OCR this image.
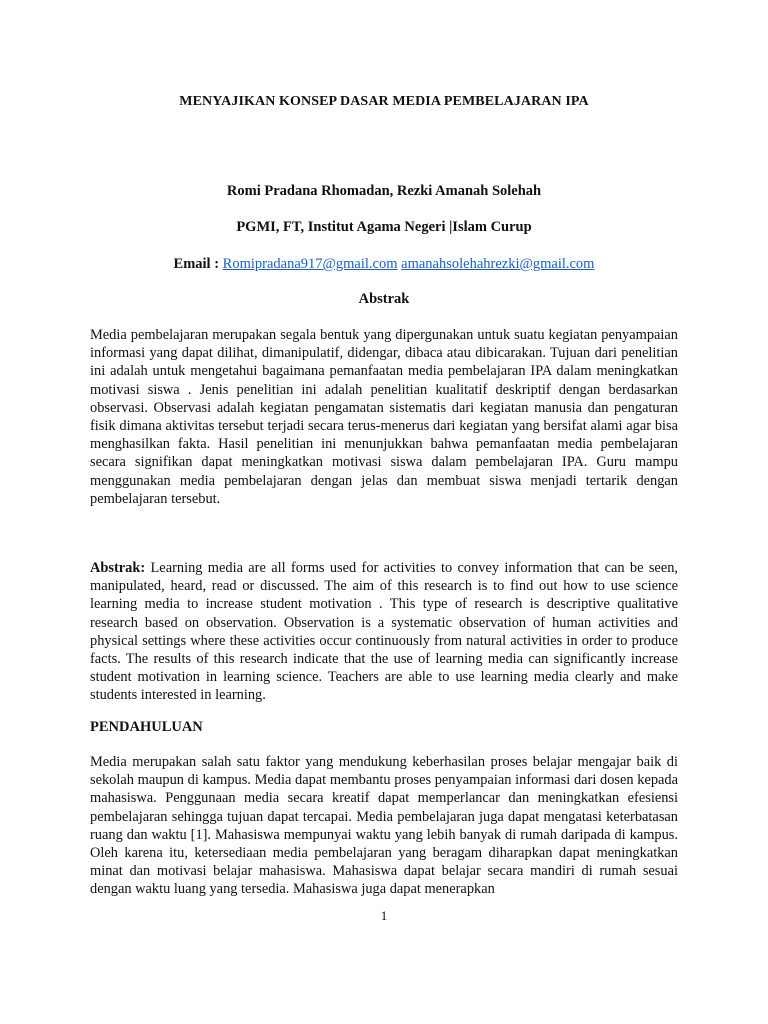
MENYAJIKAN KONSEP DASAR MEDIA PEMBELAJARAN IPA
Romi Pradana Rhomadan, Rezki Amanah Solehah
PGMI, FT, Institut Agama Negeri |Islam Curup
Email : Romipradana917@gmail.com amanahsolehahrezki@gmail.com
Abstrak

Media pembelajaran merupakan segala bentuk yang dipergunakan untuk suatu kegiatan penyampaian informasi yang dapat dilihat, dimanipulatif, didengar, dibaca atau dibicarakan. Tujuan dari penelitian ini adalah untuk mengetahui bagaimana pemanfaatan media pembelajaran IPA dalam meningkatkan motivasi siswa . Jenis penelitian ini adalah penelitian kualitatif deskriptif dengan berdasarkan observasi. Observasi adalah kegiatan pengamatan sistematis dari kegiatan manusia dan pengaturan fisik dimana aktivitas tersebut terjadi secara terus-menerus dari kegiatan yang bersifat alami agar bisa menghasilkan fakta. Hasil penelitian ini menunjukkan bahwa pemanfaatan media pembelajaran secara signifikan dapat meningkatkan motivasi siswa dalam pembelajaran IPA. Guru mampu menggunakan media pembelajaran dengan jelas dan membuat siswa menjadi tertarik dengan pembelajaran tersebut.

Abstrak: Learning media are all forms used for activities to convey information that can be seen, manipulated, heard, read or discussed. The aim of this research is to find out how to use science learning media to increase student motivation . This type of research is descriptive qualitative research based on observation. Observation is a systematic observation of human activities and physical settings where these activities occur continuously from natural activities in order to produce facts. The results of this research indicate that the use of learning media can significantly increase student motivation in learning science. Teachers are able to use learning media clearly and make students interested in learning.

PENDAHULUAN

Media merupakan salah satu faktor yang mendukung keberhasilan proses belajar mengajar baik di sekolah maupun di kampus. Media dapat membantu proses penyampaian informasi dari dosen kepada mahasiswa. Penggunaan media secara kreatif dapat memperlancar dan meningkatkan efesiensi pembelajaran sehingga tujuan dapat tercapai. Media pembelajaran juga dapat mengatasi keterbatasan ruang dan waktu [1]. Mahasiswa mempunyai waktu yang lebih banyak di rumah daripada di kampus. Oleh karena itu, ketersediaan media pembelajaran yang beragam diharapkan dapat meningkatkan minat dan motivasi belajar mahasiswa. Mahasiswa dapat belajar secara mandiri di rumah sesuai dengan waktu luang yang tersedia. Mahasiswa juga dapat menerapkan

1
